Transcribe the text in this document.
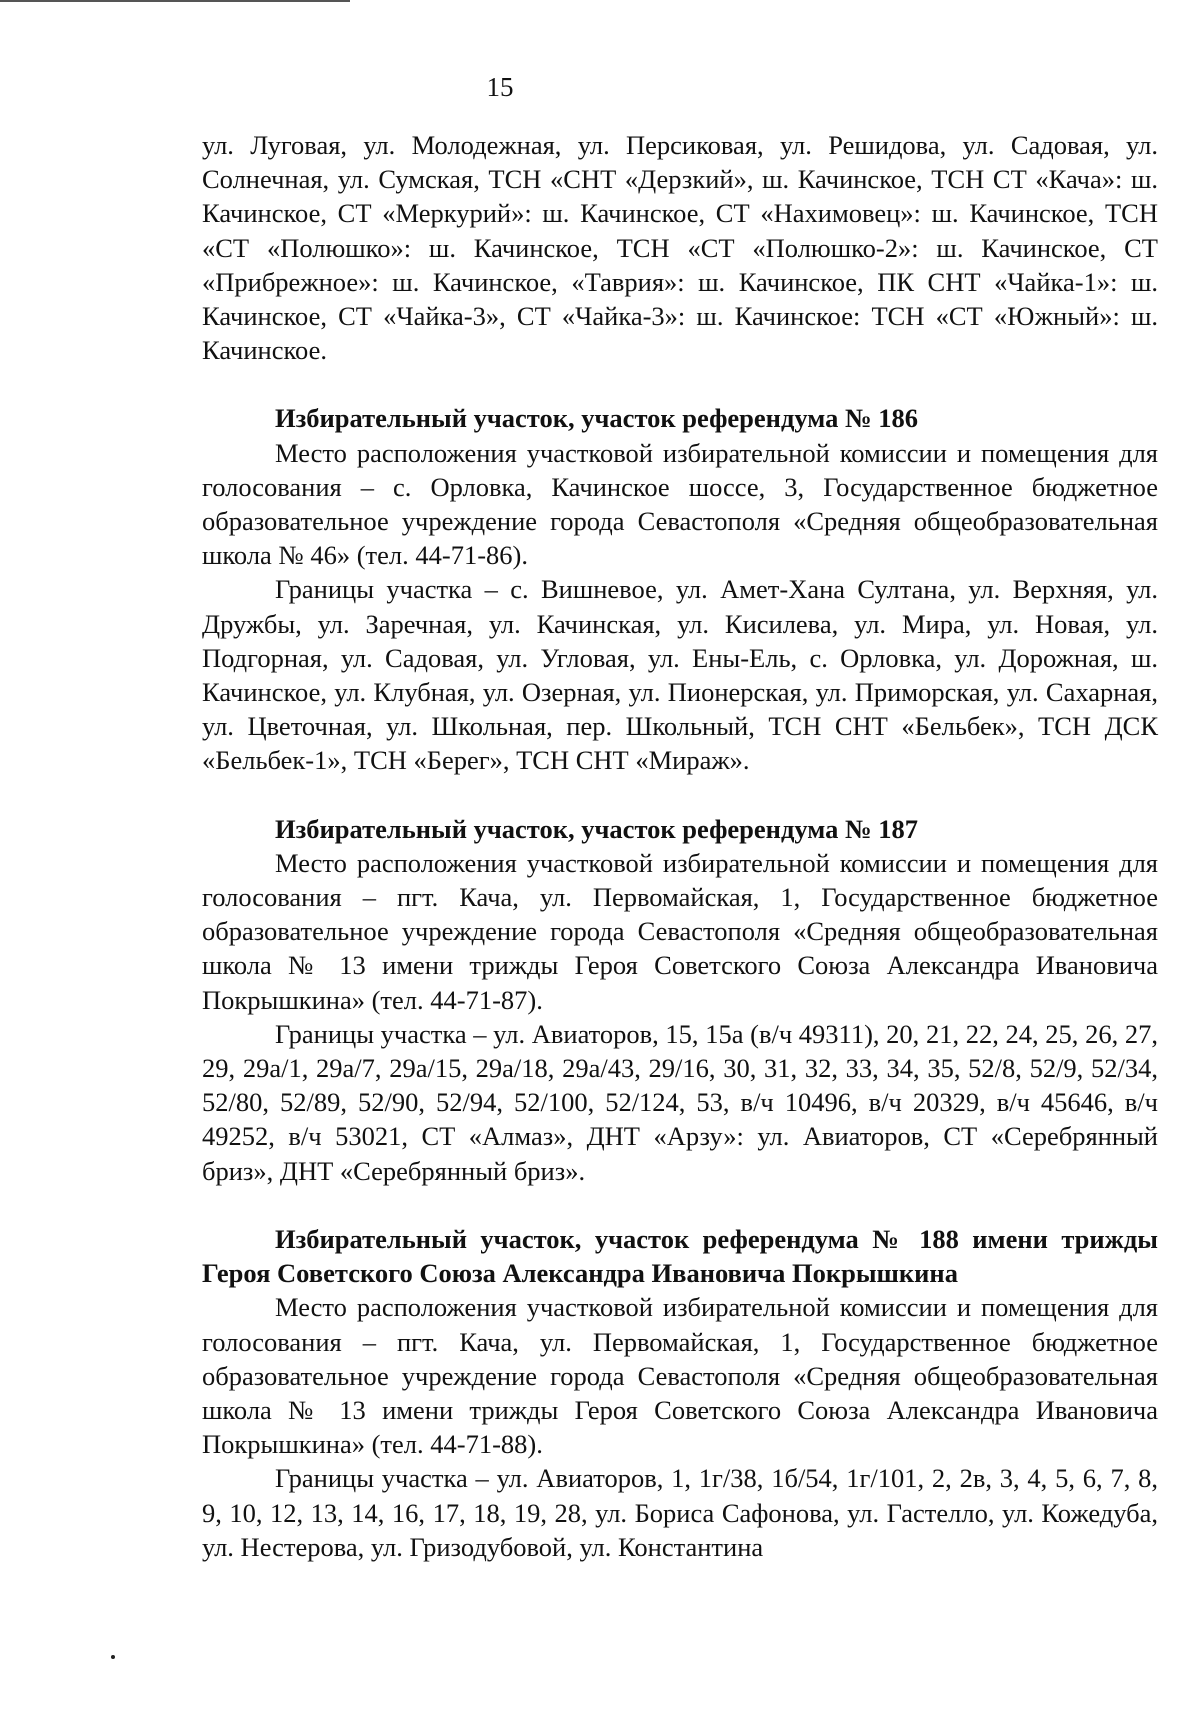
15

ул. Луговая, ул. Молодежная, ул. Персиковая, ул. Решидова, ул. Садовая, ул. Солнечная, ул. Сумская, ТСН «СНТ «Дерзкий», ш. Качинское, ТСН СТ «Кача»: ш. Качинское, СТ «Меркурий»: ш. Качинское, СТ «Нахимовец»: ш. Качинское, ТСН «СТ «Полюшко»: ш. Качинское, ТСН «СТ «Полюшко-2»: ш. Качинское, СТ «Прибрежное»: ш. Качинское, «Таврия»: ш. Качинское, ПК СНТ «Чайка-1»: ш. Качинское, СТ «Чайка-3», СТ «Чайка-3»: ш. Качинское: ТСН «СТ «Южный»: ш. Качинское.

Избирательный участок, участок референдума № 186

Место расположения участковой избирательной комиссии и помещения для голосования – с. Орловка, Качинское шоссе, 3, Государственное бюджетное образовательное учреждение города Севастополя «Средняя общеобразовательная школа № 46» (тел. 44-71-86).

Границы участка – с. Вишневое, ул. Амет-Хана Султана, ул. Верхняя, ул. Дружбы, ул. Заречная, ул. Качинская, ул. Кисилева, ул. Мира, ул. Новая, ул. Подгорная, ул. Садовая, ул. Угловая, ул. Ены-Ель, с. Орловка, ул. Дорожная, ш. Качинское, ул. Клубная, ул. Озерная, ул. Пионерская, ул. Приморская, ул. Сахарная, ул. Цветочная, ул. Школьная, пер. Школьный, ТСН СНТ «Бельбек», ТСН ДСК «Бельбек-1», ТСН «Берег», ТСН СНТ «Мираж».

Избирательный участок, участок референдума № 187

Место расположения участковой избирательной комиссии и помещения для голосования – пгт. Кача, ул. Первомайская, 1, Государственное бюджетное образовательное учреждение города Севастополя «Средняя общеобразовательная школа № 13 имени трижды Героя Советского Союза Александра Ивановича Покрышкина» (тел. 44-71-87).

Границы участка – ул. Авиаторов, 15, 15а (в/ч 49311), 20, 21, 22, 24, 25, 26, 27, 29, 29а/1, 29а/7, 29а/15, 29а/18, 29а/43, 29/16, 30, 31, 32, 33, 34, 35, 52/8, 52/9, 52/34, 52/80, 52/89, 52/90, 52/94, 52/100, 52/124, 53, в/ч 10496, в/ч 20329, в/ч 45646, в/ч 49252, в/ч 53021, СТ «Алмаз», ДНТ «Арзу»: ул. Авиаторов, СТ «Серебрянный бриз», ДНТ «Серебрянный бриз».

Избирательный участок, участок референдума № 188 имени трижды Героя Советского Союза Александра Ивановича Покрышкина

Место расположения участковой избирательной комиссии и помещения для голосования – пгт. Кача, ул. Первомайская, 1, Государственное бюджетное образовательное учреждение города Севастополя «Средняя общеобразовательная школа № 13 имени трижды Героя Советского Союза Александра Ивановича Покрышкина» (тел. 44-71-88).

Границы участка – ул. Авиаторов, 1, 1г/38, 1б/54, 1г/101, 2, 2в, 3, 4, 5, 6, 7, 8, 9, 10, 12, 13, 14, 16, 17, 18, 19, 28, ул. Бориса Сафонова, ул. Гастелло, ул. Кожедуба, ул. Нестерова, ул. Гризодубовой, ул. Константина
